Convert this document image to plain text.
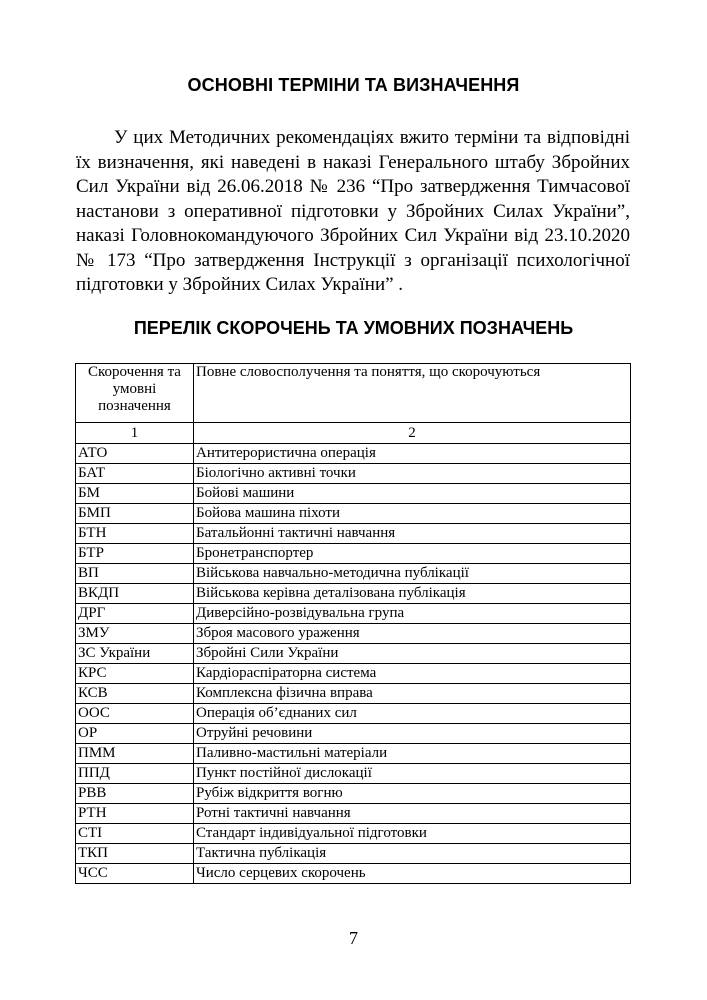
ОСНОВНІ ТЕРМІНИ ТА ВИЗНАЧЕННЯ
У цих Методичних рекомендаціях вжито терміни та відповідні їх визначення, які наведені в наказі Генерального штабу Збройних Сил України від 26.06.2018 № 236 “Про затвердження Тимчасової настанови з оперативної підготовки у Збройних Силах України”, наказі Головнокомандуючого Збройних Сил України від 23.10.2020 № 173 “Про затвердження Інструкції з організації психологічної підготовки у Збройних Силах України” .
ПЕРЕЛІК СКОРОЧЕНЬ ТА УМОВНИХ ПОЗНАЧЕНЬ
Скорочення та умовні позначення	Повне словосполучення та поняття, що скорочуються
1	2
АТО	Антитерористична операція
БАТ	Біологічно активні точки
БМ	Бойові машини
БМП	Бойова машина піхоти
БТН	Батальйонні тактичні навчання
БТР	Бронетранспортер
ВП	Військова навчально-методична публікації
ВКДП	Військова керівна деталізована публікація
ДРГ	Диверсійно-розвідувальна група
ЗМУ	Зброя масового ураження
ЗС України	Збройні Сили України
КРС	Кардіораспіраторна система
КСВ	Комплексна фізична вправа
ООС	Операція об’єднаних сил
ОР	Отруйні речовини
ПММ	Паливно-мастильні матеріали
ППД	Пункт постійної дислокації
РВВ	Рубіж відкриття вогню
РТН	Ротні тактичні навчання
СТІ	Стандарт індивідуальної підготовки
ТКП	Тактична публікація
ЧСС	Число серцевих скорочень
7
